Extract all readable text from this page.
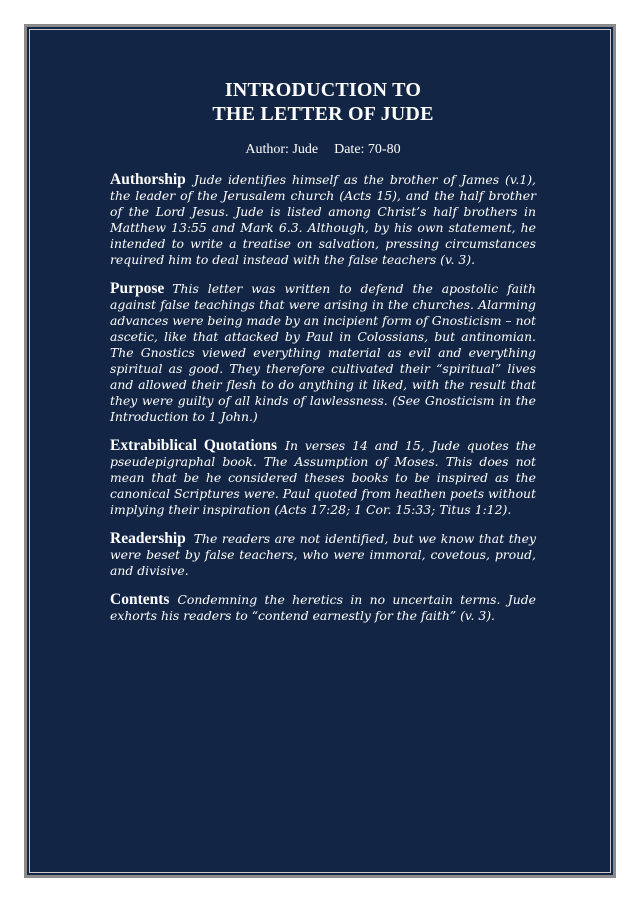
INTRODUCTION TO
THE LETTER OF JUDE
Author: Jude Date: 70-80

Authorship Jude identifies himself as the brother of James (v.1), the leader of the Jerusalem church (Acts 15), and the half brother of the Lord Jesus. Jude is listed among Christ’s half brothers in Matthew 13:55 and Mark 6.3. Although, by his own statement, he intended to write a treatise on salvation, pressing circumstances required him to deal instead with the false teachers (v. 3).

Purpose This letter was written to defend the apostolic faith against false teachings that were arising in the churches. Alarming advances were being made by an incipient form of Gnosticism – not ascetic, like that attacked by Paul in Colossians, but antinomian. The Gnostics viewed everything material as evil and everything spiritual as good. They therefore cultivated their “spiritual” lives and allowed their flesh to do anything it liked, with the result that they were guilty of all kinds of lawlessness. (See Gnosticism in the Introduction to 1 John.)

Extrabiblical Quotations In verses 14 and 15, Jude quotes the pseudepigraphal book. The Assumption of Moses. This does not mean that be he considered theses books to be inspired as the canonical Scriptures were. Paul quoted from heathen poets without implying their inspiration (Acts 17:28; 1 Cor. 15:33; Titus 1:12).

Readership The readers are not identified, but we know that they were beset by false teachers, who were immoral, covetous, proud, and divisive.

Contents Condemning the heretics in no uncertain terms. Jude exhorts his readers to “contend earnestly for the faith” (v. 3).
